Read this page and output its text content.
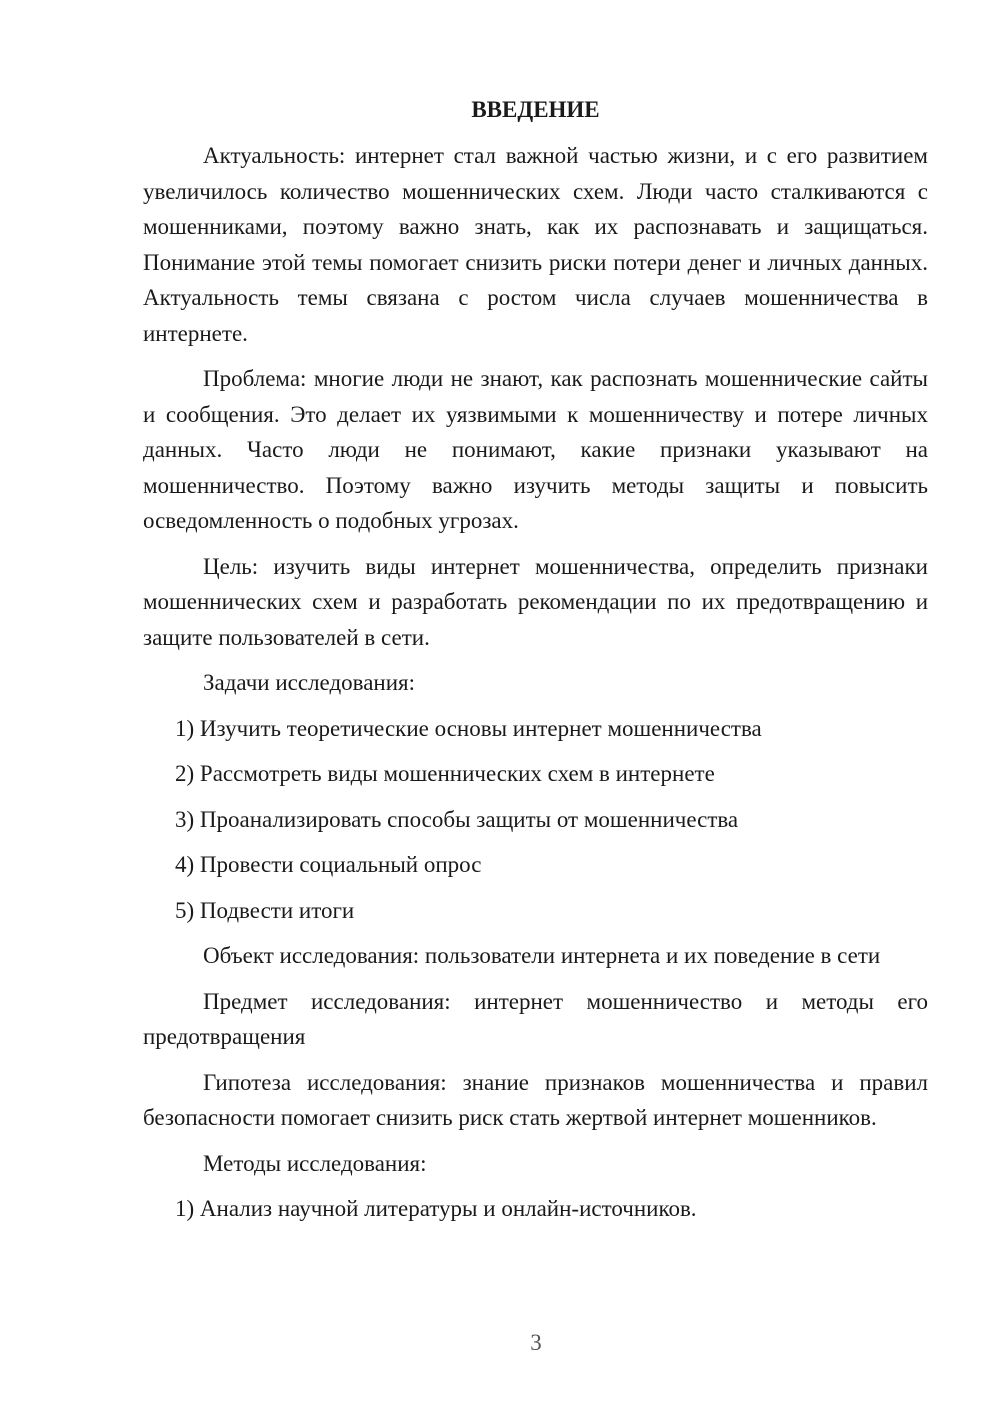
ВВЕДЕНИЕ

Актуальность: интернет стал важной частью жизни, и с его развитием увеличилось количество мошеннических схем. Люди часто сталкиваются с мошенниками, поэтому важно знать, как их распознавать и защищаться. Понимание этой темы помогает снизить риски потери денег и личных данных. Актуальность темы связана с ростом числа случаев мошенничества в интернете.

Проблема: многие люди не знают, как распознать мошеннические сайты и сообщения. Это делает их уязвимыми к мошенничеству и потере личных данных. Часто люди не понимают, какие признаки указывают на мошенничество. Поэтому важно изучить методы защиты и повысить осведомленность о подобных угрозах.

Цель: изучить виды интернет мошенничества, определить признаки мошеннических схем и разработать рекомендации по их предотвращению и защите пользователей в сети.

Задачи исследования:

1) Изучить теоретические основы интернет мошенничества
2) Рассмотреть виды мошеннических схем в интернете
3) Проанализировать способы защиты от мошенничества
4) Провести социальный опрос
5) Подвести итоги

Объект исследования: пользователи интернета и их поведение в сети

Предмет исследования: интернет мошенничество и методы его предотвращения

Гипотеза исследования: знание признаков мошенничества и правил безопасности помогает снизить риск стать жертвой интернет мошенников.

Методы исследования:

1) Анализ научной литературы и онлайн-источников.
3
